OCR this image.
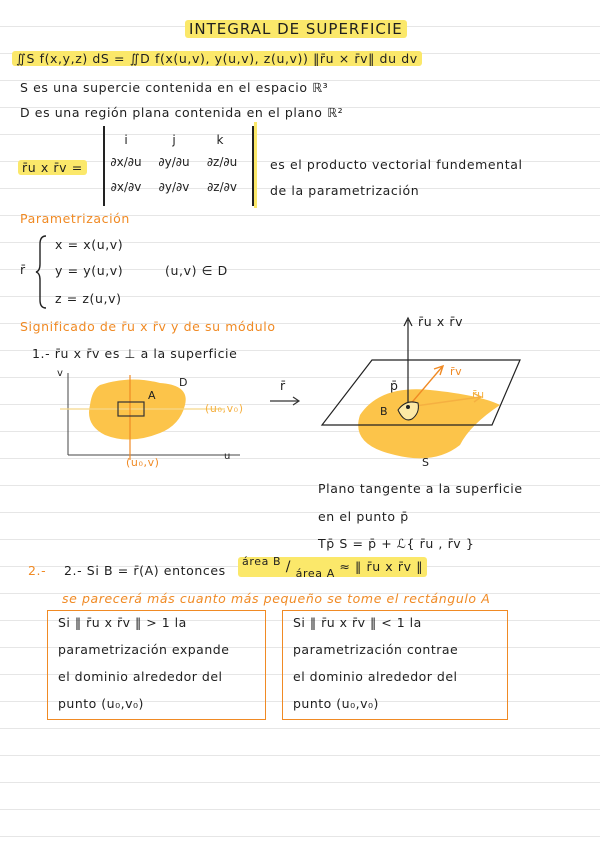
INTEGRAL DE SUPERFICIE
∬S f(x,y,z) dS = ∬D f(x(u,v), y(u,v), z(u,v)) ‖r̄u × r̄v‖ du dv
S es una supercie contenida en el espacio ℝ³
D es una región plana contenida en el plano ℝ²
r̄u x r̄v =
i	j	k
∂x/∂u	∂y/∂u	∂z/∂u
∂x/∂v	∂y/∂v	∂z/∂v
es el producto vectorial fundemental
de la parametrización
Parametrización
r̄
x = x(u,v)
y = y(u,v)
z = z(u,v)
(u,v) ∈ D
Significado de r̄u x r̄v y de su módulo
1.- r̄u x r̄v es ⊥ a la superficie
v
u
D
A
(u₀,v₀)
(u₀,v)
r̄
r̄u x r̄v
p̄
r̄v
r̄u
B
S
Plano tangente a la superficie
en el punto p̄
Tp̄ S = p̄ + ℒ{ r̄u , r̄v }
2.-	2.- Si B = r̄(A) entonces
área B / área A ≈ ‖ r̄u x r̄v ‖
se parecerá más cuanto más pequeño se tome el rectángulo A
Si ‖ r̄u x r̄v ‖ > 1 la
parametrización expande
el dominio alrededor del
punto (u₀,v₀)
Si ‖ r̄u x r̄v ‖ < 1 la
parametrización contrae
el dominio alrededor del
punto (u₀,v₀)
